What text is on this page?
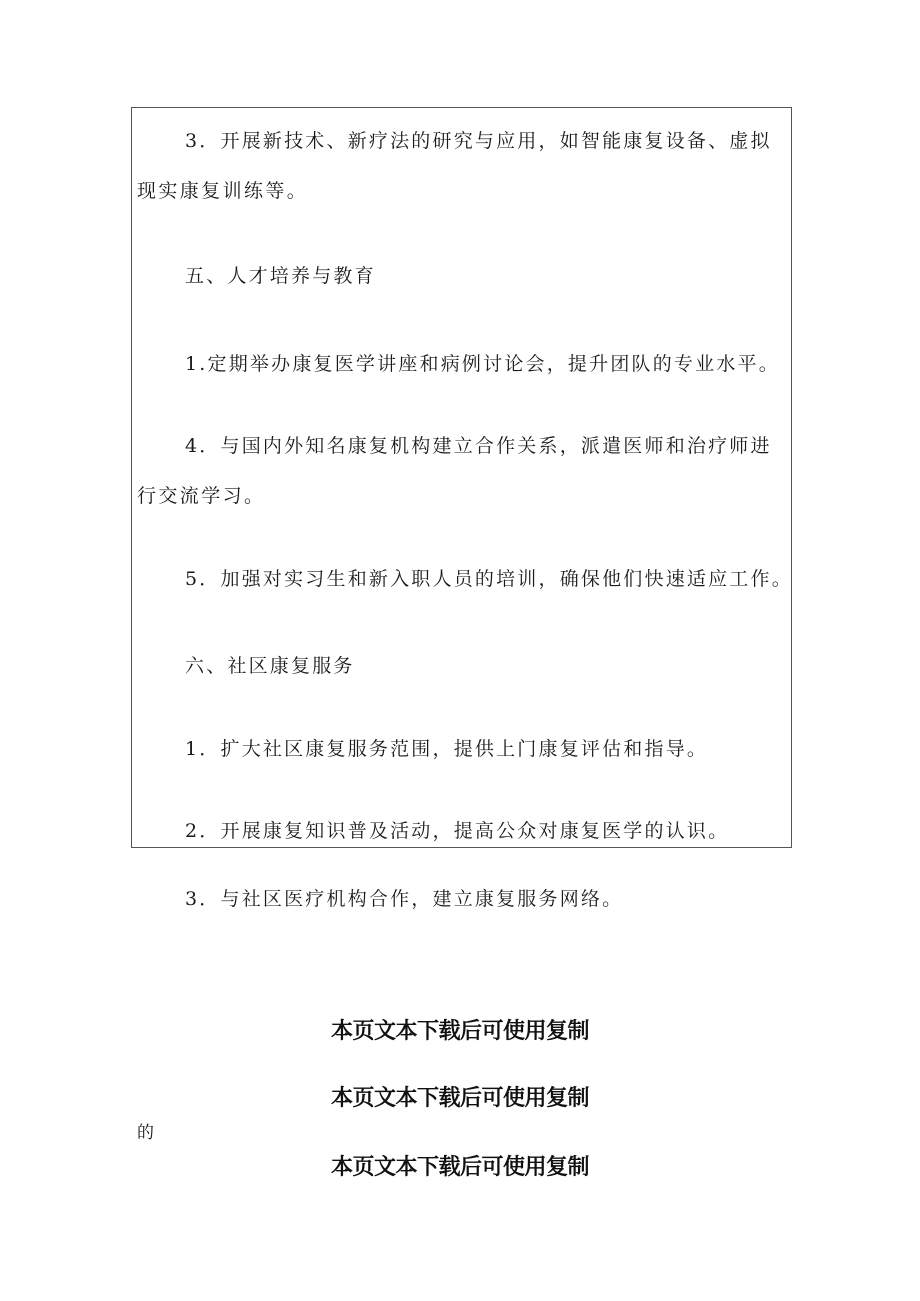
3．开展新技术、新疗法的研究与应用，如智能康复设备、虚拟
现实康复训练等。
五、人才培养与教育
1.定期举办康复医学讲座和病例讨论会，提升团队的专业水平。
4．与国内外知名康复机构建立合作关系，派遣医师和治疗师进
行交流学习。
5．加强对实习生和新入职人员的培训，确保他们快速适应工作。
六、社区康复服务
1．扩大社区康复服务范围，提供上门康复评估和指导。
2．开展康复知识普及活动，提高公众对康复医学的认识。
3．与社区医疗机构合作，建立康复服务网络。
本页文本下载后可使用复制
本页文本下载后可使用复制
的
本页文本下载后可使用复制
